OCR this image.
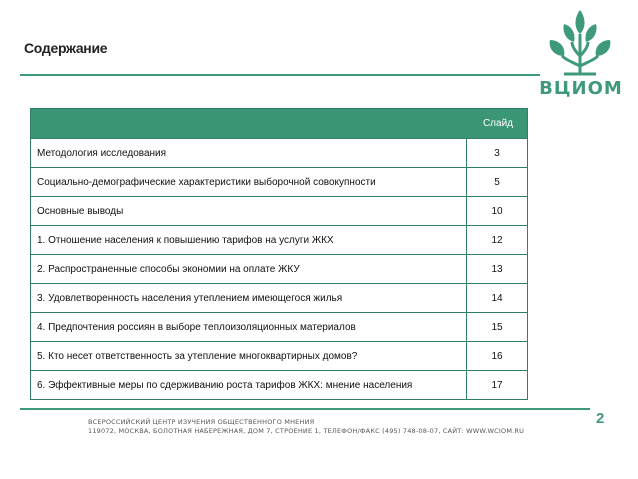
Содержание
ВЦИОМ
Слайд	
Методология исследования	3
Социально-демографические характеристики выборочной совокупности	5
Основные выводы	10
1. Отношение населения к повышению тарифов на услуги ЖКХ	12
2. Распространенные способы экономии на оплате ЖКУ	13
3. Удовлетворенность населения утеплением имеющегося жилья	14
4. Предпочтения россиян в выборе теплоизоляционных материалов	15
5. Кто несет ответственность за утепление многоквартирных домов?	16
6. Эффективные меры по сдерживанию роста тарифов ЖКХ: мнение населения	17
2
ВСЕРОССИЙСКИЙ ЦЕНТР ИЗУЧЕНИЯ ОБЩЕСТВЕННОГО МНЕНИЯ
119072, МОСКВА, БОЛОТНАЯ НАБЕРЕЖНАЯ, ДОМ 7, СТРОЕНИЕ 1, ТЕЛЕФОН/ФАКС (495) 748-08-07, САЙТ: WWW.WCIOM.RU
